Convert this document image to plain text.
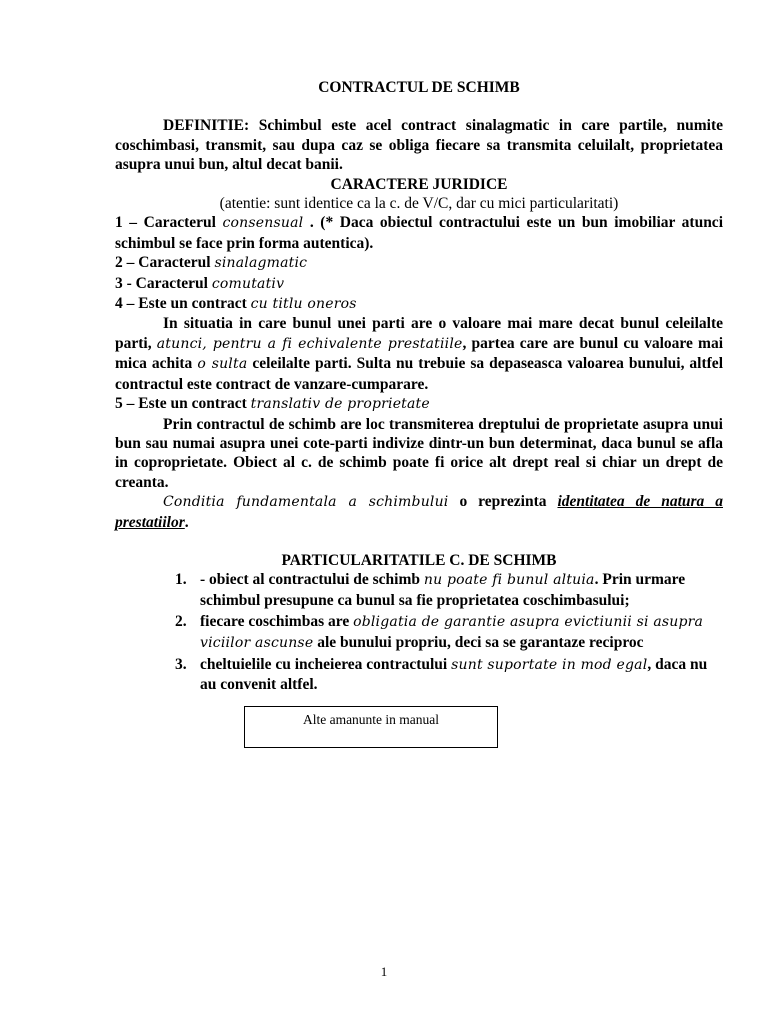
CONTRACTUL DE SCHIMB

DEFINITIE: Schimbul este acel contract sinalagmatic in care partile, numite coschimbasi, transmit, sau dupa caz se obliga fiecare sa transmita celuilalt, proprietatea asupra unui bun, altul decat banii.

CARACTERE JURIDICE

(atentie: sunt identice ca la c. de V/C, dar cu mici particularitati)

1 – Caracterul consensual . (* Daca obiectul contractului este un bun imobiliar atunci schimbul se face prin forma autentica).

2 – Caracterul sinalagmatic

3 - Caracterul comutativ

4 – Este un contract cu titlu oneros

In situatia in care bunul unei parti are o valoare mai mare decat bunul celeilalte parti, atunci, pentru a fi echivalente prestatiile, partea care are bunul cu valoare mai mica achita o sulta celeilalte parti. Sulta nu trebuie sa depaseasca valoarea bunului, altfel contractul este contract de vanzare-cumparare.

5 – Este un contract translativ de proprietate

Prin contractul de schimb are loc transmiterea dreptului de proprietate asupra unui bun sau numai asupra unei cote-parti indivize dintr-un bun determinat, daca bunul se afla in coproprietate. Obiect al c. de schimb poate fi orice alt drept real si chiar un drept de creanta.

Conditia fundamentala a schimbului o reprezinta identitatea de natura a prestatiilor.

PARTICULARITATILE C. DE SCHIMB

1. - obiect al contractului de schimb nu poate fi bunul altuia. Prin urmare schimbul presupune ca bunul sa fie proprietatea coschimbasului;
2. fiecare coschimbas are obligatia de garantie asupra evictiunii si asupra viciilor ascunse ale bunului propriu, deci sa se garantaze reciproc
3. cheltuielile cu incheierea contractului sunt suportate in mod egal, daca nu au convenit altfel.
Alte amanunte in manual
1
